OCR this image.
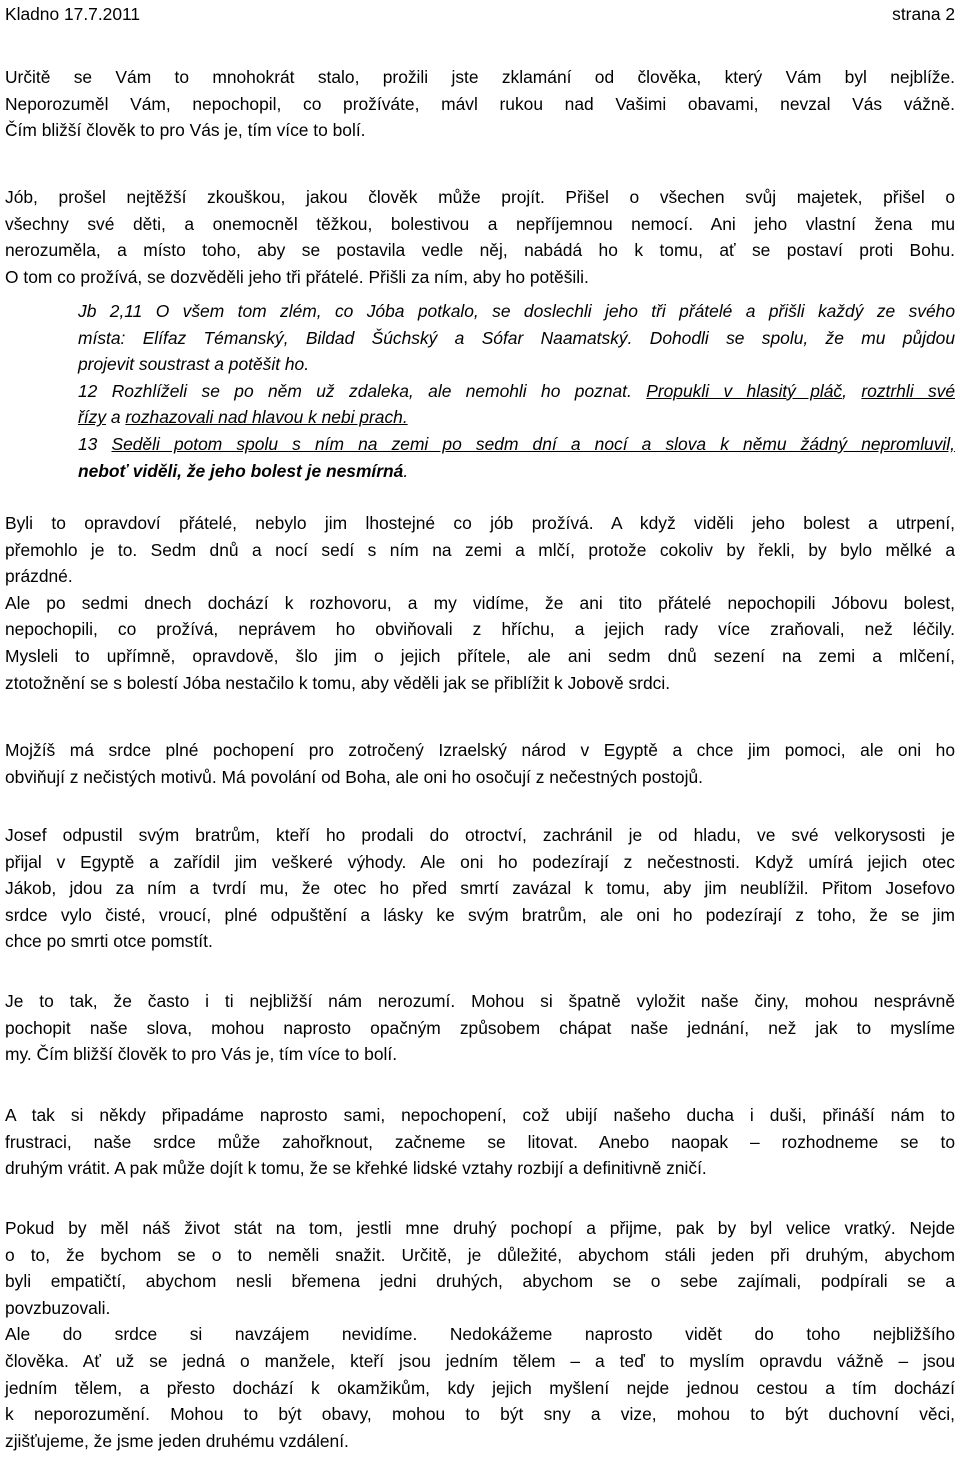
Kladno 17.7.2011	strana 2
Určitě se Vám to mnohokrát stalo, prožili jste zklamání od člověka, který Vám byl nejblíže.
Neporozuměl Vám, nepochopil, co prožíváte, mávl rukou nad Vašimi obavami, nevzal Vás vážně.
Čím bližší člověk to pro Vás je, tím více to bolí.
Jób, prošel nejtěžší zkouškou, jakou člověk může projít. Přišel o všechen svůj majetek, přišel o
všechny své děti, a onemocněl těžkou, bolestivou a nepříjemnou nemocí. Ani jeho vlastní žena mu
nerozuměla, a místo toho, aby se postavila vedle něj, nabádá ho k tomu, ať se postaví proti Bohu.
O tom co prožívá, se dozvěděli jeho tři přátelé. Přišli za ním, aby ho potěšili.
Jb 2,11 O všem tom zlém, co Jóba potkalo, se doslechli jeho tři přátelé a přišli každý ze svého
místa: Elífaz Témanský, Bildad Šúchský a Sófar Naamatský. Dohodli se spolu, že mu půjdou
projevit soustrast a potěšit ho.
12 Rozhlíželi se po něm už zdaleka, ale nemohli ho poznat. Propukli v hlasitý pláč, roztrhli své
řízy a rozhazovali nad hlavou k nebi prach.
13 Seděli potom spolu s ním na zemi po sedm dní a nocí a slova k němu žádný nepromluvil,
neboť viděli, že jeho bolest je nesmírná.
Byli to opravdoví přátelé, nebylo jim lhostejné co jób prožívá. A když viděli jeho bolest a utrpení,
přemohlo je to. Sedm dnů a nocí sedí s ním na zemi a mlčí, protože cokoliv by řekli, by bylo mělké a
prázdné.
Ale po sedmi dnech dochází k rozhovoru, a my vidíme, že ani tito přátelé nepochopili Jóbovu bolest,
nepochopili, co prožívá, neprávem ho obviňovali z hříchu, a jejich rady více zraňovali, než léčily.
Mysleli to upřímně, opravdově, šlo jim o jejich přítele, ale ani sedm dnů sezení na zemi a mlčení,
ztotožnění se s bolestí Jóba nestačilo k tomu, aby věděli jak se přiblížit k Jobově srdci.
Mojžíš má srdce plné pochopení pro zotročený Izraelský národ v Egyptě a chce jim pomoci, ale oni ho
obviňují z nečistých motivů. Má povolání od Boha, ale oni ho osočují z nečestných postojů.
Josef odpustil svým bratrům, kteří ho prodali do otroctví, zachránil je od hladu, ve své velkorysosti je
přijal v Egyptě a zařídil jim veškeré výhody. Ale oni ho podezírají z nečestnosti. Když umírá jejich otec
Jákob, jdou za ním a tvrdí mu, že otec ho před smrtí zavázal k tomu, aby jim neublížil. Přitom Josefovo
srdce vylo čisté, vroucí, plné odpuštění a lásky ke svým bratrům, ale oni ho podezírají z toho, že se jim
chce po smrti otce pomstít.
Je to tak, že často i ti nejbližší nám nerozumí. Mohou si špatně vyložit naše činy, mohou nesprávně
pochopit naše slova, mohou naprosto opačným způsobem chápat naše jednání, než jak to myslíme
my. Čím bližší člověk to pro Vás je, tím více to bolí.
A tak si někdy připadáme naprosto sami, nepochopení, což ubijí našeho ducha i duši, přináší nám to
frustraci, naše srdce může zahořknout, začneme se litovat. Anebo naopak – rozhodneme se to
druhým vrátit. A pak může dojít k tomu, že se křehké lidské vztahy rozbijí a definitivně zničí.
Pokud by měl náš život stát na tom, jestli mne druhý pochopí a přijme, pak by byl velice vratký. Nejde
o to, že bychom se o to neměli snažit. Určitě, je důležité, abychom stáli jeden při druhým, abychom
byli empatičtí, abychom nesli břemena jedni druhých, abychom se o sebe zajímali, podpírali se a
povzbuzovali.
Ale do srdce si navzájem nevidíme. Nedokážeme naprosto vidět do toho nejbližšího
člověka. Ať už se jedná o manžele, kteří jsou jedním tělem – a teď to myslím opravdu vážně – jsou
jedním tělem, a přesto dochází k okamžikům, kdy jejich myšlení nejde jednou cestou a tím dochází
k neporozumění. Mohou to být obavy, mohou to být sny a vize, mohou to být duchovní věci,
zjišťujeme, že jsme jeden druhému vzdálení.
